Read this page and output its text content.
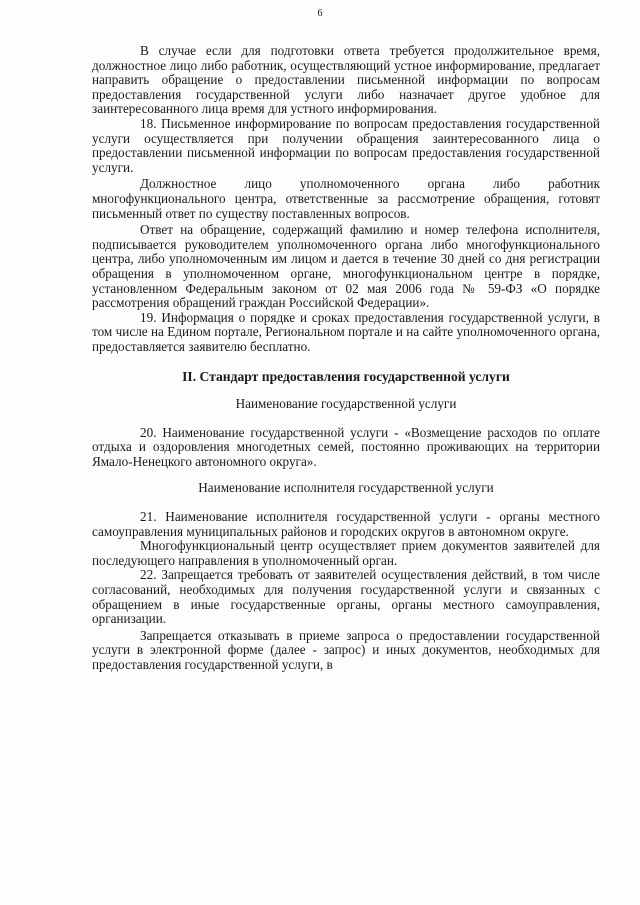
6

В случае если для подготовки ответа требуется продолжительное время, должностное лицо либо работник, осуществляющий устное информирование, предлагает направить обращение о предоставлении письменной информации по вопросам предоставления государственной услуги либо назначает другое удобное для заинтересованного лица время для устного информирования.

18. Письменное информирование по вопросам предоставления государственной услуги осуществляется при получении обращения заинтересованного лица о предоставлении письменной информации по вопросам предоставления государственной услуги.

Должностное лицо уполномоченного органа либо работник многофункционального центра, ответственные за рассмотрение обращения, готовят письменный ответ по существу поставленных вопросов.

Ответ на обращение, содержащий фамилию и номер телефона исполнителя, подписывается руководителем уполномоченного органа либо многофункционального центра, либо уполномоченным им лицом и дается в течение 30 дней со дня регистрации обращения в уполномоченном органе, многофункциональном центре в порядке, установленном Федеральным законом от 02 мая 2006 года № 59-ФЗ «О порядке рассмотрения обращений граждан Российской Федерации».

19. Информация о порядке и сроках предоставления государственной услуги, в том числе на Едином портале, Региональном портале и на сайте уполномоченного органа, предоставляется заявителю бесплатно.

II. Стандарт предоставления государственной услуги

Наименование государственной услуги

20. Наименование государственной услуги - «Возмещение расходов по оплате отдыха и оздоровления многодетных семей, постоянно проживающих на территории Ямало-Ненецкого автономного округа».

Наименование исполнителя государственной услуги

21. Наименование исполнителя государственной услуги - органы местного самоуправления муниципальных районов и городских округов в автономном округе.

Многофункциональный центр осуществляет прием документов заявителей для последующего направления в уполномоченный орган.

22. Запрещается требовать от заявителей осуществления действий, в том числе согласований, необходимых для получения государственной услуги и связанных с обращением в иные государственные органы, органы местного самоуправления, организации.

Запрещается отказывать в приеме запроса о предоставлении государственной услуги в электронной форме (далее - запрос) и иных документов, необходимых для предоставления государственной услуги, в
